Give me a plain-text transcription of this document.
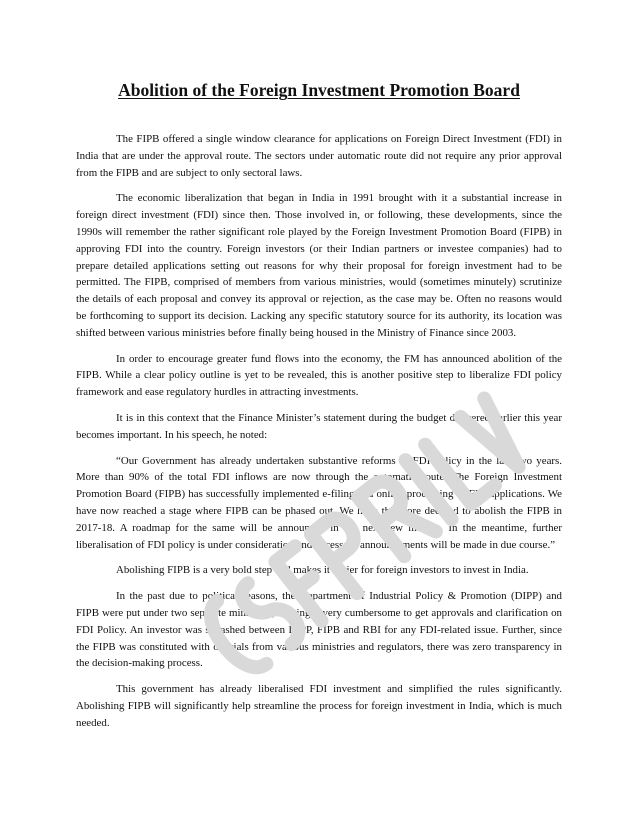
Abolition of the Foreign Investment Promotion Board

The FIPB offered a single window clearance for applications on Foreign Direct Investment (FDI) in India that are under the approval route. The sectors under automatic route did not require any prior approval from the FIPB and are subject to only sectoral laws.

The economic liberalization that began in India in 1991 brought with it a substantial increase in foreign direct investment (FDI) since then. Those involved in, or following, these developments, since the 1990s will remember the rather significant role played by the Foreign Investment Promotion Board (FIPB) in approving FDI into the country. Foreign investors (or their Indian partners or investee companies) had to prepare detailed applications setting out reasons for why their proposal for foreign investment had to be permitted. The FIPB, comprised of members from various ministries, would (sometimes minutely) scrutinize the details of each proposal and convey its approval or rejection, as the case may be. Often no reasons would be forthcoming to support its decision. Lacking any specific statutory source for its authority, its location was shifted between various ministries before finally being housed in the Ministry of Finance since 2003.

In order to encourage greater fund flows into the economy, the FM has announced abolition of the FIPB. While a clear policy outline is yet to be revealed, this is another positive step to liberalize FDI policy framework and ease regulatory hurdles in attracting investments.

It is in this context that the Finance Minister’s statement during the budget delivered earlier this year becomes important. In his speech, he noted:

“Our Government has already undertaken substantive reforms in FDI policy in the last two years. More than 90% of the total FDI inflows are now through the automatic route. The Foreign Investment Promotion Board (FIPB) has successfully implemented e-filing and online processing of FDI applications. We have now reached a stage where FIPB can be phased out. We have therefore decided to abolish the FIPB in 2017-18. A roadmap for the same will be announced in the next few months. In the meantime, further liberalisation of FDI policy is under consideration and necessary announcements will be made in due course.”

Abolishing FIPB is a very bold step and makes it easier for foreign investors to invest in India.

In the past due to political reasons, the Department of Industrial Policy & Promotion (DIPP) and FIPB were put under two separate ministries, making it very cumbersome to get approvals and clarification on FDI Policy. An investor was squashed between DIPP, FIPB and RBI for any FDI-related issue. Further, since the FIPB was constituted with officials from various ministries and regulators, there was zero transparency in the decision-making process.

This government has already liberalised FDI investment and simplified the rules significantly. Abolishing FIPB will significantly help streamline the process for foreign investment in India, which is much needed.
